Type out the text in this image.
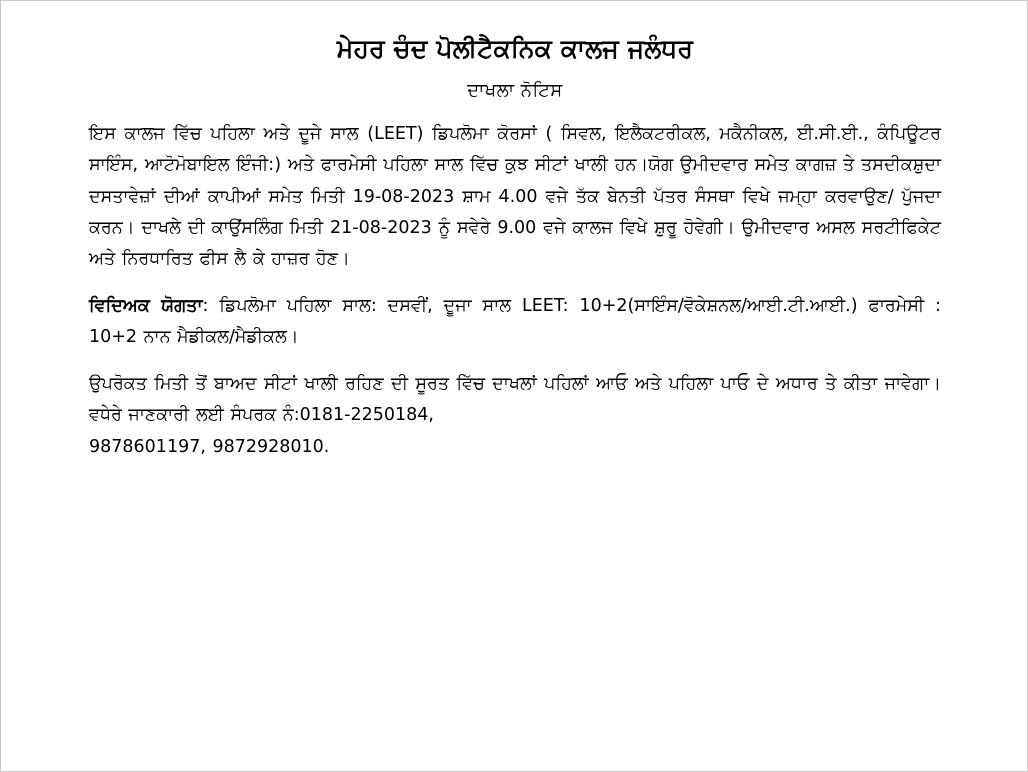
ਮੇਹਰ ਚੰਦ ਪੋਲੀਟੈਕਨਿਕ ਕਾਲਜ ਜਲੰਧਰ
ਦਾਖਲਾ ਨੋਟਿਸ

ਇਸ ਕਾਲਜ ਵਿੱਚ ਪਹਿਲਾ ਅਤੇ ਦੂਜੇ ਸਾਲ (LEET) ਡਿਪਲੋਮਾ ਕੋਰਸਾਂ ( ਸਿਵਲ, ਇਲੈਕਟਰੀਕਲ, ਮਕੈਨੀਕਲ, ਈ.ਸੀ.ਈ., ਕੰਪਿਊਟਰ ਸਾਇੰਸ, ਆਟੋਮੋਬਾਇਲ ਇੰਜੀ:) ਅਤੇ ਫਾਰਮੇਸੀ ਪਹਿਲਾ ਸਾਲ ਵਿੱਚ ਕੁਝ ਸੀਟਾਂ ਖਾਲੀ ਹਨ।ਯੋਗ ਉਮੀਦਵਾਰ ਸਮੇਤ ਕਾਗਜ਼ ਤੇ ਤਸਦੀਕਸ਼ੁਦਾ ਦਸਤਾਵੇਜ਼ਾਂ ਦੀਆਂ ਕਾਪੀਆਂ ਸਮੇਤ ਮਿਤੀ 19-08-2023 ਸ਼ਾਮ 4.00 ਵਜੇ ਤੱਕ ਬੇਨਤੀ ਪੱਤਰ ਸੰਸਥਾ ਵਿਖੇ ਜਮ੍ਹਾ ਕਰਵਾਉਣ/ ਪੁੱਜਦਾ ਕਰਨ। ਦਾਖਲੇ ਦੀ ਕਾਉਂਸਲਿੰਗ ਮਿਤੀ 21-08-2023 ਨੂੰ ਸਵੇਰੇ 9.00 ਵਜੇ ਕਾਲਜ ਵਿਖੇ ਸ਼ੁਰੂ ਹੋਵੇਗੀ। ਉਮੀਦਵਾਰ ਅਸਲ ਸਰਟੀਫਿਕੇਟ ਅਤੇ ਨਿਰਧਾਰਿਤ ਫੀਸ ਲੈ ਕੇ ਹਾਜ਼ਰ ਹੋਣ।

ਵਿਦਿਅਕ ਯੋਗਤਾ: ਡਿਪਲੋਮਾ ਪਹਿਲਾ ਸਾਲ: ਦਸਵੀਂ, ਦੂਜਾ ਸਾਲ LEET: 10+2(ਸਾਇੰਸ/ਵੋਕੇਸ਼ਨਲ/ਆਈ.ਟੀ.ਆਈ.) ਫਾਰਮੇਸੀ : 10+2 ਨਾਨ ਮੈਡੀਕਲ/ਮੈਡੀਕਲ।

ਉਪਰੋਕਤ ਮਿਤੀ ਤੋਂ ਬਾਅਦ ਸੀਟਾਂ ਖਾਲੀ ਰਹਿਣ ਦੀ ਸੂਰਤ ਵਿੱਚ ਦਾਖਲਾਂ ਪਹਿਲਾਂ ਆਓ ਅਤੇ ਪਹਿਲਾ ਪਾਓ ਦੇ ਅਧਾਰ ਤੇ ਕੀਤਾ ਜਾਵੇਗਾ।ਵਧੇਰੇ ਜਾਣਕਾਰੀ ਲਈ ਸੰਪਰਕ ਨੰ:0181-2250184,
9878601197, 9872928010.
